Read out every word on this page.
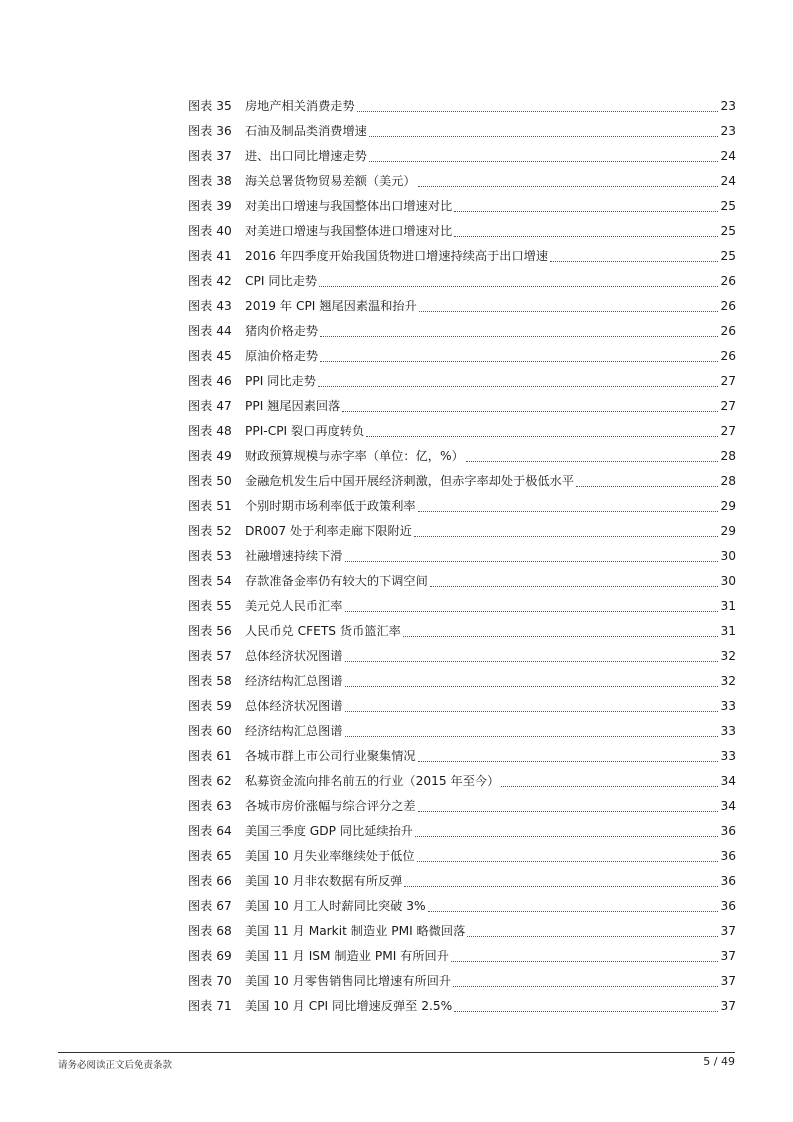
图表 35	房地产相关消费走势	23
图表 36	石油及制品类消费增速	23
图表 37	进、出口同比增速走势	24
图表 38	海关总署货物贸易差额（美元）	24
图表 39	对美出口增速与我国整体出口增速对比	25
图表 40	对美进口增速与我国整体进口增速对比	25
图表 41	2016 年四季度开始我国货物进口增速持续高于出口增速	25
图表 42	CPI 同比走势	26
图表 43	2019 年 CPI 翘尾因素温和抬升	26
图表 44	猪肉价格走势	26
图表 45	原油价格走势	26
图表 46	PPI 同比走势	27
图表 47	PPI 翘尾因素回落	27
图表 48	PPI-CPI 裂口再度转负	27
图表 49	财政预算规模与赤字率（单位：亿，%）	28
图表 50	金融危机发生后中国开展经济刺激，但赤字率却处于极低水平	28
图表 51	个别时期市场利率低于政策利率	29
图表 52	DR007 处于利率走廊下限附近	29
图表 53	社融增速持续下滑	30
图表 54	存款准备金率仍有较大的下调空间	30
图表 55	美元兑人民币汇率	31
图表 56	人民币兑 CFETS 货币篮汇率	31
图表 57	总体经济状况图谱	32
图表 58	经济结构汇总图谱	32
图表 59	总体经济状况图谱	33
图表 60	经济结构汇总图谱	33
图表 61	各城市群上市公司行业聚集情况	33
图表 62	私募资金流向排名前五的行业（2015 年至今）	34
图表 63	各城市房价涨幅与综合评分之差	34
图表 64	美国三季度 GDP 同比延续抬升	36
图表 65	美国 10 月失业率继续处于低位	36
图表 66	美国 10 月非农数据有所反弹	36
图表 67	美国 10 月工人时薪同比突破 3%	36
图表 68	美国 11 月 Markit 制造业 PMI 略微回落	37
图表 69	美国 11 月 ISM 制造业 PMI 有所回升	37
图表 70	美国 10 月零售销售同比增速有所回升	37
图表 71	美国 10 月 CPI 同比增速反弹至 2.5%	37
请务必阅读正文后免责条款	5 / 49
